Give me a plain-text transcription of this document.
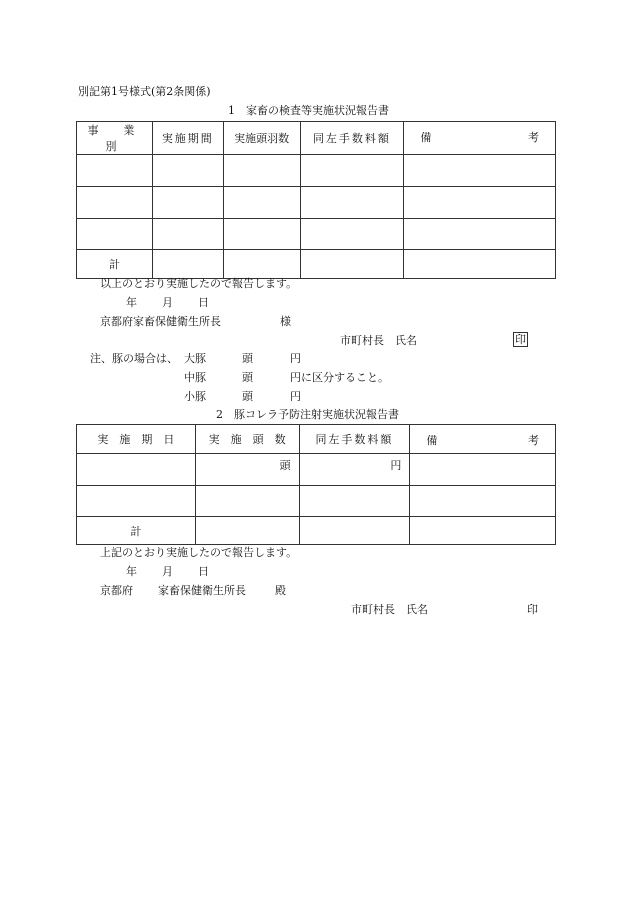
別記第1号様式(第2条関係)
1　家畜の検査等実施状況報告書
事　業　別	実施期間	実施頭羽数	同左手数料額	備 考

計				
以上のとおり実施したので報告します。
年 月 日
京都府家畜保健衛生所長	様
市町村長　氏名	印
注、豚の場合は、 大豚	頭	円
中豚	頭	円に区分すること。
小豚	頭	円
2　豚コレラ予防注射実施状況報告書
実　施　期　日	実　施　頭　数	同左手数料額	備 考

	頭	円	

計			
上記のとおり実施したので報告します。
年 月 日
京都府 家畜保健衛生所長	殿
市町村長　氏名	印
